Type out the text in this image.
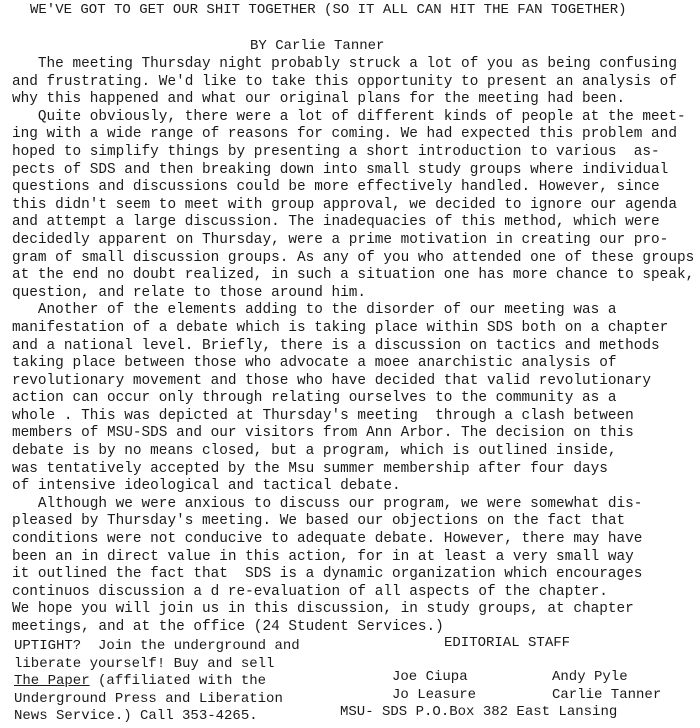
WE'VE GOT TO GET OUR SHIT TOGETHER (SO IT ALL CAN HIT THE FAN TOGETHER)
BY Carlie Tanner
The meeting Thursday night probably struck a lot of you as being confusing
and frustrating. We'd like to take this opportunity to present an analysis of
why this happened and what our original plans for the meeting had been.
Quite obviously, there were a lot of different kinds of people at the meet-
ing with a wide range of reasons for coming. We had expected this problem and
hoped to simplify things by presenting a short introduction to various  as-
pects of SDS and then breaking down into small study groups where individual
questions and discussions could be more effectively handled. However, since
this didn't seem to meet with group approval, we decided to ignore our agenda
and attempt a large discussion. The inadequacies of this method, which were
decidedly apparent on Thursday, were a prime motivation in creating our pro-
gram of small discussion groups. As any of you who attended one of these groups
at the end no doubt realized, in such a situation one has more chance to speak,
question, and relate to those around him.
Another of the elements adding to the disorder of our meeting was a
manifestation of a debate which is taking place within SDS both on a chapter
and a national level. Briefly, there is a discussion on tactics and methods
taking place between those who advocate a moee anarchistic analysis of
revolutionary movement and those who have decided that valid revolutionary
action can occur only through relating ourselves to the community as a
whole . This was depicted at Thursday's meeting  through a clash between
members of MSU-SDS and our visitors from Ann Arbor. The decision on this
debate is by no means closed, but a program, which is outlined inside,
was tentatively accepted by the Msu summer membership after four days
of intensive ideological and tactical debate.
Although we were anxious to discuss our program, we were somewhat dis-
pleased by Thursday's meeting. We based our objections on the fact that
conditions were not conducive to adequate debate. However, there may have
been an in direct value in this action, for in at least a very small way
it outlined the fact that  SDS is a dynamic organization which encourages
continuos discussion a d re-evaluation of all aspects of the chapter.
We hope you will join us in this discussion, in study groups, at chapter
meetings, and at the office (24 Student Services.)
UPTIGHT?  Join the underground and
liberate yourself! Buy and sell
The Paper (affiliated with the
Underground Press and Liberation
News Service.) Call 353-4265.
EDITORIAL STAFF
Joe Ciupa
Jo Leasure
Andy Pyle
Carlie Tanner
MSU- SDS P.O.Box 382 East Lansing
